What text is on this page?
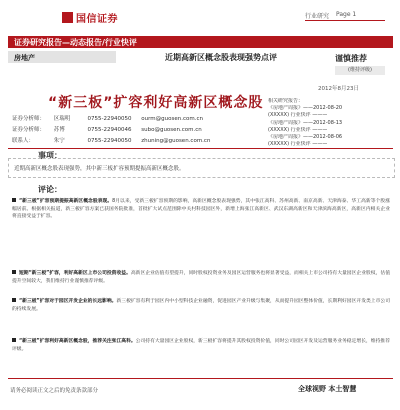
国信证券	行业研究 Page 1
证券研究报告—动态报告/行业快评
房地产	近期高新区概念股表现强势点评	谨慎推荐
(维持评级)
“新三板”扩容利好高新区概念股
2012年8月23日
相关研究报告：
《房地产周报》——2012-08-20
(XXXXX) 行业快评 ———
《房地产周报》——2012-08-13
(XXXXX) 行业快评 ———
《房地产周报》——2012-08-06
(XXXXX) 行业快评 ———
证券分析师： 区瑞明	0755-22940050 ourm@guosen.com.cn
证券分析师： 苏博	0755-22940046 subo@guosen.com.cn
联系人：	朱宁	0755-22940050 zhuning@guosen.com.cn
事项：
近期高新区概念股表现强势，其中新三板扩容预期提振高新区概念股。
评论：
“新三板”扩容预期提振高新区概念股表现。8月以来，受新三板扩容预期的影响，高新区概念股表现强势，其中张江高科、苏州高新、南京高新、天津海泰、华工高新等个股涨幅居前。根据相关报道，新三板扩容方案已获国务院批准，首批扩大试点范围除中关村科技园区外，新增上海张江高新区、武汉东湖高新区和天津滨海高新区，高新区内相关企业将直接受益于扩容。
短期“新三板”扩容，利好高新区上市公司投资收益。高新区企业估值有望提升，同时股权投资业务及园区运营服务也将显著受益，而相关上市公司持有大量园区企业股权，估值提升空间较大，我们维持行业谨慎推荐评级。
“新三板”扩容对于园区开发企业的长远影响。新三板扩容有利于园区内中小型科技企业融资，促进园区产业升级与集聚，从而提升园区整体价值，长期利好园区开发类上市公司的持续发展。
“新三板”扩容利好高新区概念股，推荐关注张江高科。公司持有大量园区企业股权，新三板扩容将提升其股权投资价值，同时公司园区开发及运营服务业务稳定增长，维持推荐评级。
请务必阅读正文之后的免责条款部分	全球视野 本土智慧
